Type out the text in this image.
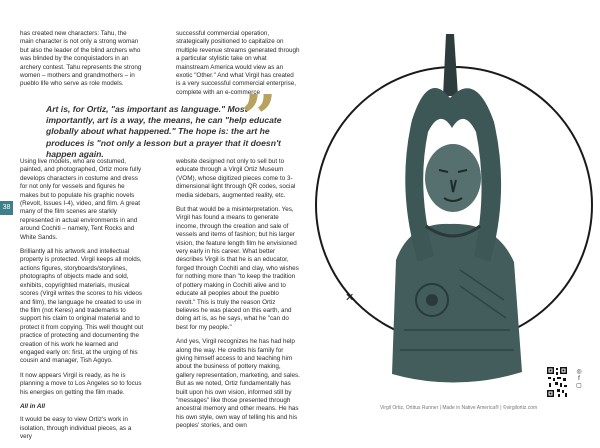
has created new characters: Tahu, the main character is not only a strong woman but also the leader of the blind archers who was blinded by the conquistadors in an archery contest. Tahu represents the strong women – mothers and grandmothers – in pueblo life who serve as role models.

successful commercial operation, strategically positioned to capitalize on multiple revenue streams generated through a particular stylistic take on what mainstream America would view as an exotic "Other." And what Virgil has created is a very successful commercial enterprise, complete with an e-commerce

Art is, for Ortiz, "as important as language." Most importantly, art is a way, the means, he can "help educate globally about what happened." The hope is: the art he produces is "not only a lesson but a prayer that it doesn't happen again.	”
38

Using live models, who are costumed, painted, and photographed, Ortiz more fully develops characters in costume and dress for not only for vessels and figures he makes but to populate his graphic novels (Revolt, Issues I-4), video, and film. A great many of the film scenes are starkly represented in actual environments in and around Cochiti – namely, Tent Rocks and White Sands.

Brilliantly all his artwork and intellectual property is protected. Virgil keeps all molds, actions figures, storyboards/storylines, photographs of objects made and sold, exhibits, copyrighted materials, musical scores (Virgil writes the scores to his videos and film), the language he created to use in the film (not Keres) and trademarks to support his claim to original material and to protect it from copying. This well thought out practice of protecting and documenting the creation of his work he learned and engaged early on: first, at the urging of his cousin and manager, Tish Agoyo.

It now appears Virgil is ready, as he is planning a move to Los Angeles so to focus his energies on getting the film made.

All in All

It would be easy to view Ortiz's work in isolation, through individual pieces, as a very

website designed not only to sell but to educate through a Virgil Ortiz Museum (VOM), whose digitized pieces come to 3-dimensional light through QR codes, social media sidebars, augmented reality, etc.

But that would be a misinterpretation. Yes, Virgil has found a means to generate income, through the creation and sale of vessels and items of fashion; but his larger vision, the feature length film he envisioned very early in his career. What better describes Virgil is that he is an educator, forged through Cochiti and clay, who wishes for nothing more than "to keep the tradition of pottery making in Cochiti alive and to educate all peoples about the pueblo revolt." This is truly the reason Ortiz believes he was placed on this earth, and doing art is, as he says, what he "can do best for my people."

And yes, Virgil recognizes he has had help along the way. He credits his family for giving himself access to and teaching him about the business of pottery making, gallery representation, marketing, and sales. But as we noted, Ortiz fundamentally has built upon his own vision, informed still by "messages" like those presented through ancestral memory and other means. He has his own style, own way of telling his and his peoples' stories, and own

✕
Virgil Ortiz, Ortitus Runner | Made in Native America® | ©virgilortiz.com
◎
f
▢
